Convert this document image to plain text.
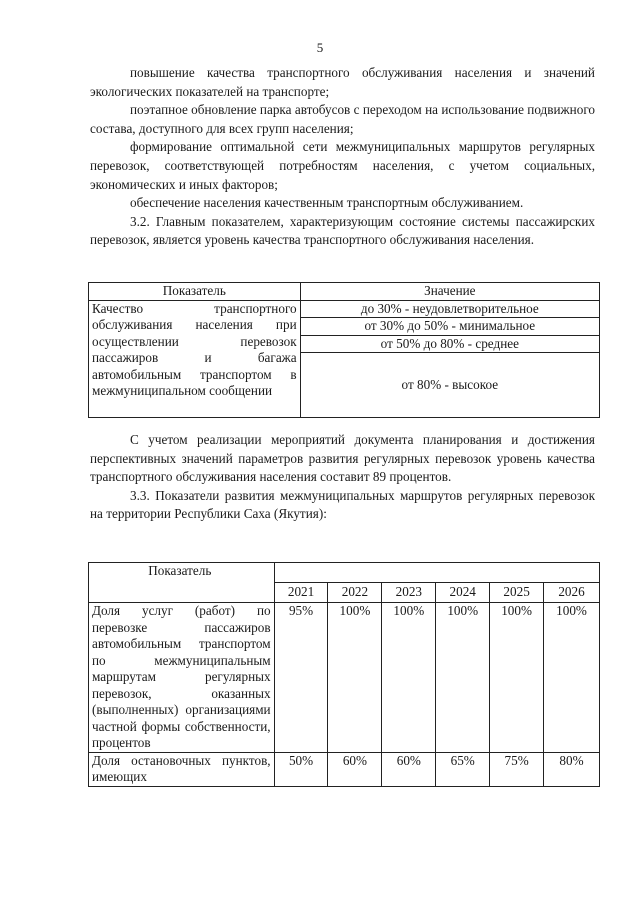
5

повышение качества транспортного обслуживания населения и значений экологических показателей на транспорте;

поэтапное обновление парка автобусов с переходом на использование подвижного состава, доступного для всех групп населения;

формирование оптимальной сети межмуниципальных маршрутов регулярных перевозок, соответствующей потребностям населения, с учетом социальных, экономических и иных факторов;

обеспечение населения качественным транспортным обслуживанием.

3.2. Главным показателем, характеризующим состояние системы пассажирских перевозок, является уровень качества транспортного обслуживания населения.

Показатель	Значение
Качество транспортного обслуживания населения при осуществлении перевозок пассажиров и багажа автомобильным транспортом в межмуниципальном сообщении	до 30% - неудовлетворительное
	от 30% до 50% - минимальное
	от 50% до 80% - среднее
	от 80% - высокое

С учетом реализации мероприятий документа планирования и достижения перспективных значений параметров развития регулярных перевозок уровень качества транспортного обслуживания населения составит 89 процентов.

3.3. Показатели развития межмуниципальных маршрутов регулярных перевозок на территории Республики Саха (Якутия):

Показатель						
	2021	2022	2023	2024	2025	2026
Доля услуг (работ) по перевозке пассажиров автомобильным транспортом по межмуниципальным маршрутам регулярных перевозок, оказанных (выполненных) организациями частной формы собственности, процентов	95%	100%	100%	100%	100%	100%
Доля остановочных пунктов, имеющих	50%	60%	60%	65%	75%	80%
